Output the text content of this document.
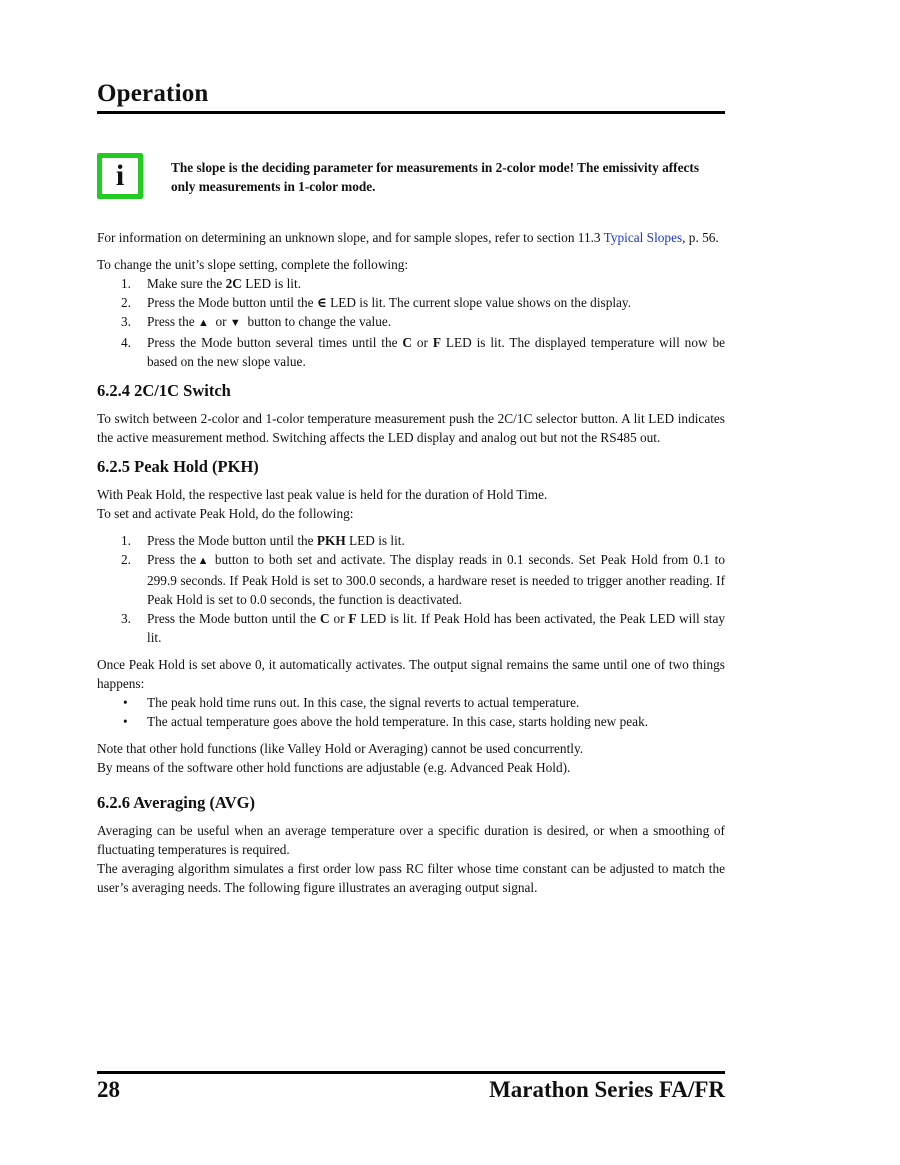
Operation
i	The slope is the deciding parameter for measurements in 2-color mode! The emissivity affects only measurements in 1-color mode.

For information on determining an unknown slope, and for sample slopes, refer to section 11.3 Typical Slopes, p. 56.

To change the unit’s slope setting, complete the following:

1. Make sure the 2C LED is lit.
2. Press the Mode button until the ∈ LED is lit. The current slope value shows on the display.
3. Press the ▲  or ▼  button to change the value.
4. Press the Mode button several times until the C or F LED is lit. The displayed temperature will now be based on the new slope value.
6.2.4 2C/1C Switch

To switch between 2-color and 1-color temperature measurement push the 2C/1C selector button. A lit LED indicates the active measurement method. Switching affects the LED display and analog out but not the RS485 out.

6.2.5 Peak Hold (PKH)

With Peak Hold, the respective last peak value is held for the duration of Hold Time.

To set and activate Peak Hold, do the following:

1. Press the Mode button until the PKH LED is lit.
2. Press the▲ button to both set and activate. The display reads in 0.1 seconds. Set Peak Hold from 0.1 to 299.9 seconds. If Peak Hold is set to 300.0 seconds, a hardware reset is needed to trigger another reading. If Peak Hold is set to 0.0 seconds, the function is deactivated.
3. Press the Mode button until the C or F LED is lit. If Peak Hold has been activated, the Peak LED will stay lit.

Once Peak Hold is set above 0, it automatically activates. The output signal remains the same until one of two things happens:

• The peak hold time runs out. In this case, the signal reverts to actual temperature.
• The actual temperature goes above the hold temperature. In this case, starts holding new peak.

Note that other hold functions (like Valley Hold or Averaging) cannot be used concurrently.

By means of the software other hold functions are adjustable (e.g. Advanced Peak Hold).

6.2.6 Averaging (AVG)

Averaging can be useful when an average temperature over a specific duration is desired, or when a smoothing of fluctuating temperatures is required.

The averaging algorithm simulates a first order low pass RC filter whose time constant can be adjusted to match the user’s averaging needs. The following figure illustrates an averaging output signal.

28	Marathon Series FA/FR
